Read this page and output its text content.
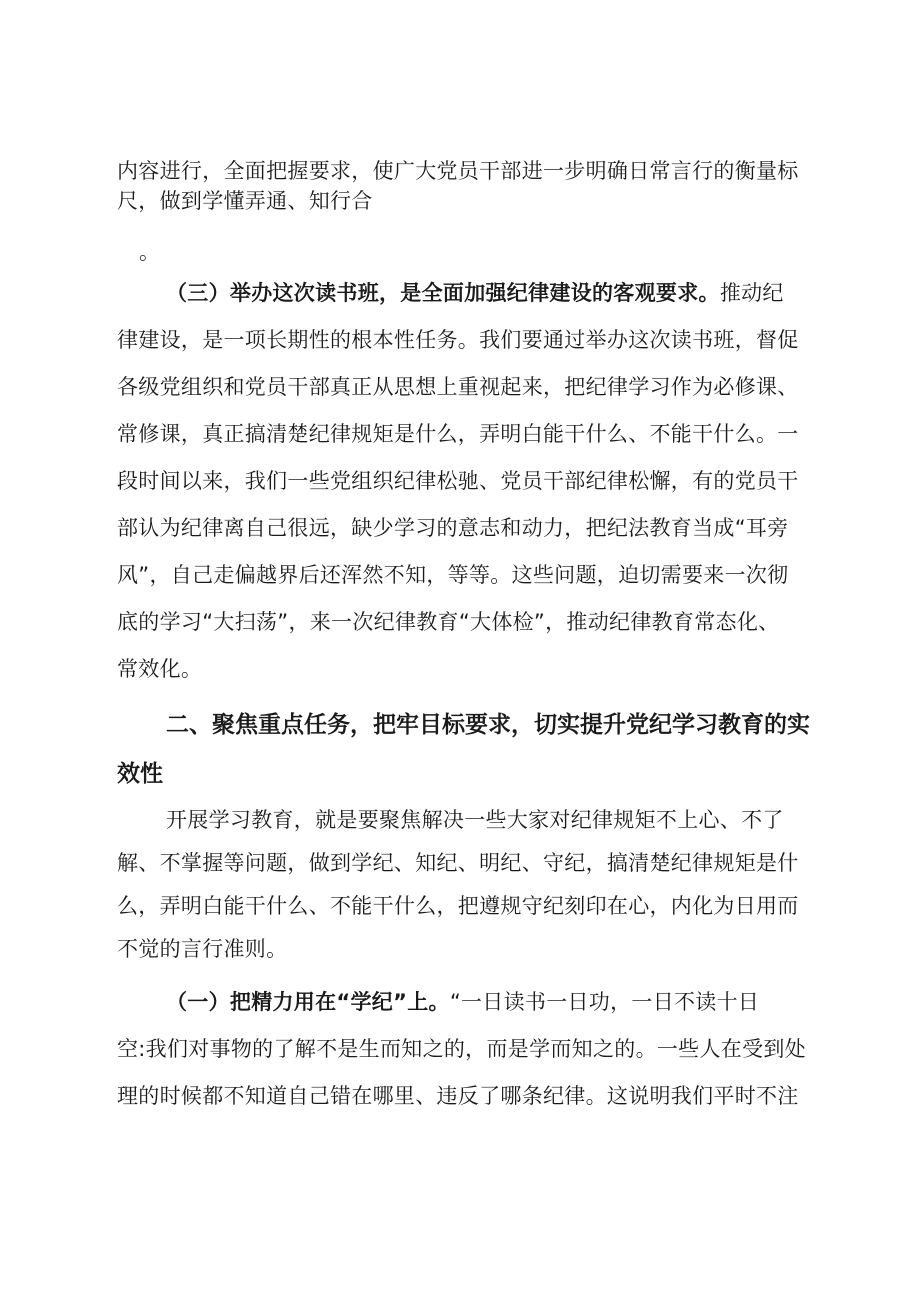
内容进行，全面把握要求，使广大党员干部进一步明确日常言行的衡量标
尺，做到学懂弄通、知行合
。
（三）举办这次读书班，是全面加强纪律建设的客观要求。推动纪
律建设，是一项长期性的根本性任务。我们要通过举办这次读书班，督促
各级党组织和党员干部真正从思想上重视起来，把纪律学习作为必修课、
常修课，真正搞清楚纪律规矩是什么，弄明白能干什么、不能干什么。一
段时间以来，我们一些党组织纪律松驰、党员干部纪律松懈，有的党员干
部认为纪律离自己很远，缺少学习的意志和动力，把纪法教育当成“耳旁
风”，自己走偏越界后还浑然不知，等等。这些问题，迫切需要来一次彻
底的学习“大扫荡”，来一次纪律教育“大体检”，推动纪律教育常态化、
常效化。
二、聚焦重点任务，把牢目标要求，切实提升党纪学习教育的实
效性
开展学习教育，就是要聚焦解决一些大家对纪律规矩不上心、不了
解、不掌握等问题，做到学纪、知纪、明纪、守纪，搞清楚纪律规矩是什
么，弄明白能干什么、不能干什么，把遵规守纪刻印在心，内化为日用而
不觉的言行准则。
（一）把精力用在“学纪”上。“一日读书一日功，一日不读十日
空:我们对事物的了解不是生而知之的，而是学而知之的。一些人在受到处
理的时候都不知道自己错在哪里、违反了哪条纪律。这说明我们平时不注
